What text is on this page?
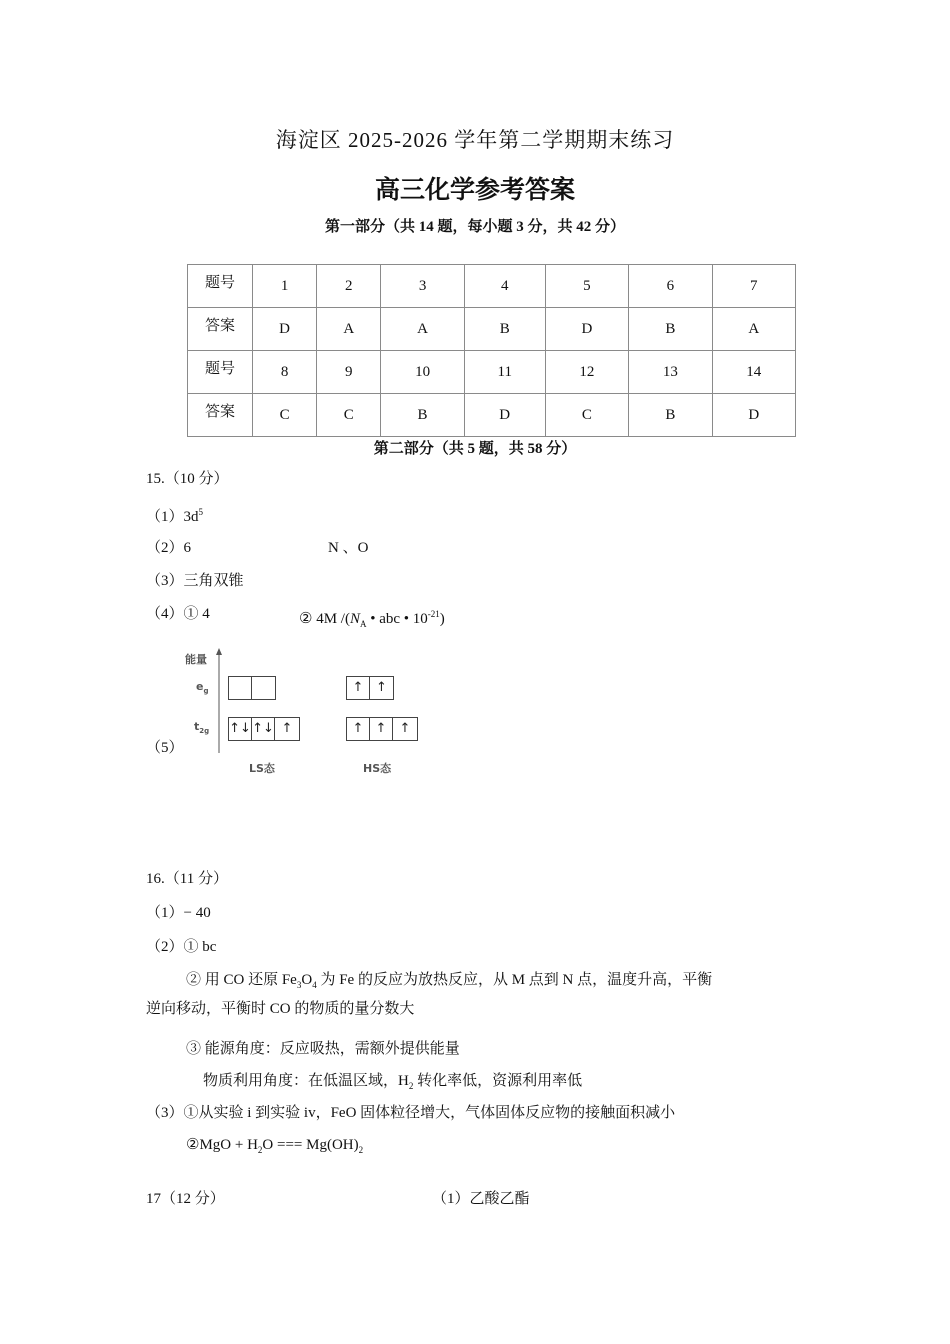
海淀区 2025-2026 学年第二学期期末练习
高三化学参考答案
第一部分（共 14 题，每小题 3 分，共 42 分）
题号	1	2	3	4	5	6	7
答案	D	A	A	B	D	B	A
题号	8	9	10	11	12	13	14
答案	C	C	B	D	C	B	D
第二部分（共 5 题，共 58 分）
15.（10 分）
$(1)3d^5$
（2）6	N 、O
（3）三角双锥
（4）① 4	② 4M $/(N_A$ • abc • $10^{-21}$)
（5）
能量
$e_g$
$t_{2g}$ ↑↓ ↑↓ ↑
↑ ↑
↑ ↑	↑
LS态	HS态
16.（11 分）
（1）− 40
（2）① bc
② 用 CO 还原 $Fe_3O_4$ 为 Fe 的反应为放热反应，从 M 点到 N 点，温度升高，平衡
逆向移动，平衡时 CO 的物质的量分数大
③ 能源角度：反应吸热，需额外提供能量
物质利用角度：在低温区域，$H_2$ 转化率低，资源利用率低
（3）①从实验 i 到实验 iv，FeO 固体粒径增大，气体固体反应物的接触面积减小
②MgO + $H_2O$ === $Mg(OH)_2$
17（12 分）	（1）乙酸乙酯
